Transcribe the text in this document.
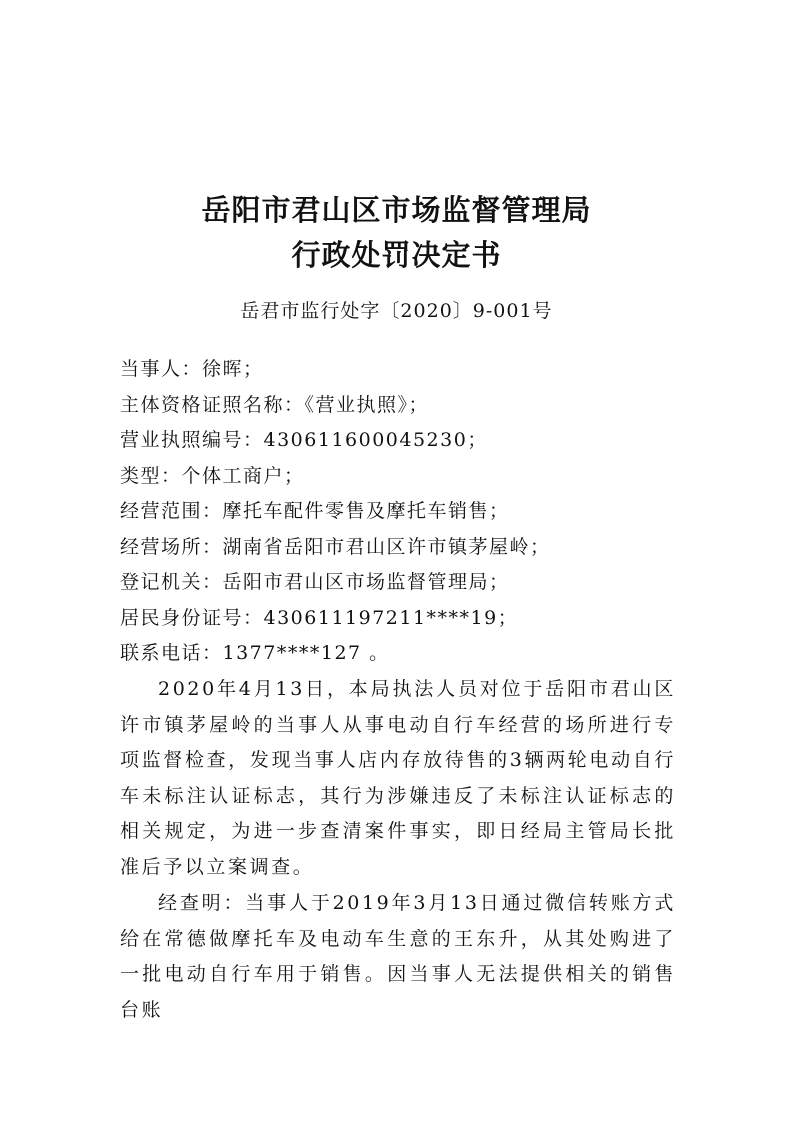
岳阳市君山区市场监督管理局
行政处罚决定书
岳君市监行处字〔2020〕9-001号
当事人：徐晖；
主体资格证照名称：《营业执照》；
营业执照编号：430611600045230；
类型：个体工商户；
经营范围：摩托车配件零售及摩托车销售；
经营场所：湖南省岳阳市君山区许市镇茅屋岭；
登记机关：岳阳市君山区市场监督管理局；
居民身份证号：430611197211****19；
联系电话：1377****127 。

2020年4月13日，本局执法人员对位于岳阳市君山区许市镇茅屋岭的当事人从事电动自行车经营的场所进行专项监督检查，发现当事人店内存放待售的3辆两轮电动自行车未标注认证标志，其行为涉嫌违反了未标注认证标志的相关规定，为进一步查清案件事实，即日经局主管局长批准后予以立案调查。

经查明：当事人于2019年3月13日通过微信转账方式给在常德做摩托车及电动车生意的王东升，从其处购进了一批电动自行车用于销售。因当事人无法提供相关的销售台账
